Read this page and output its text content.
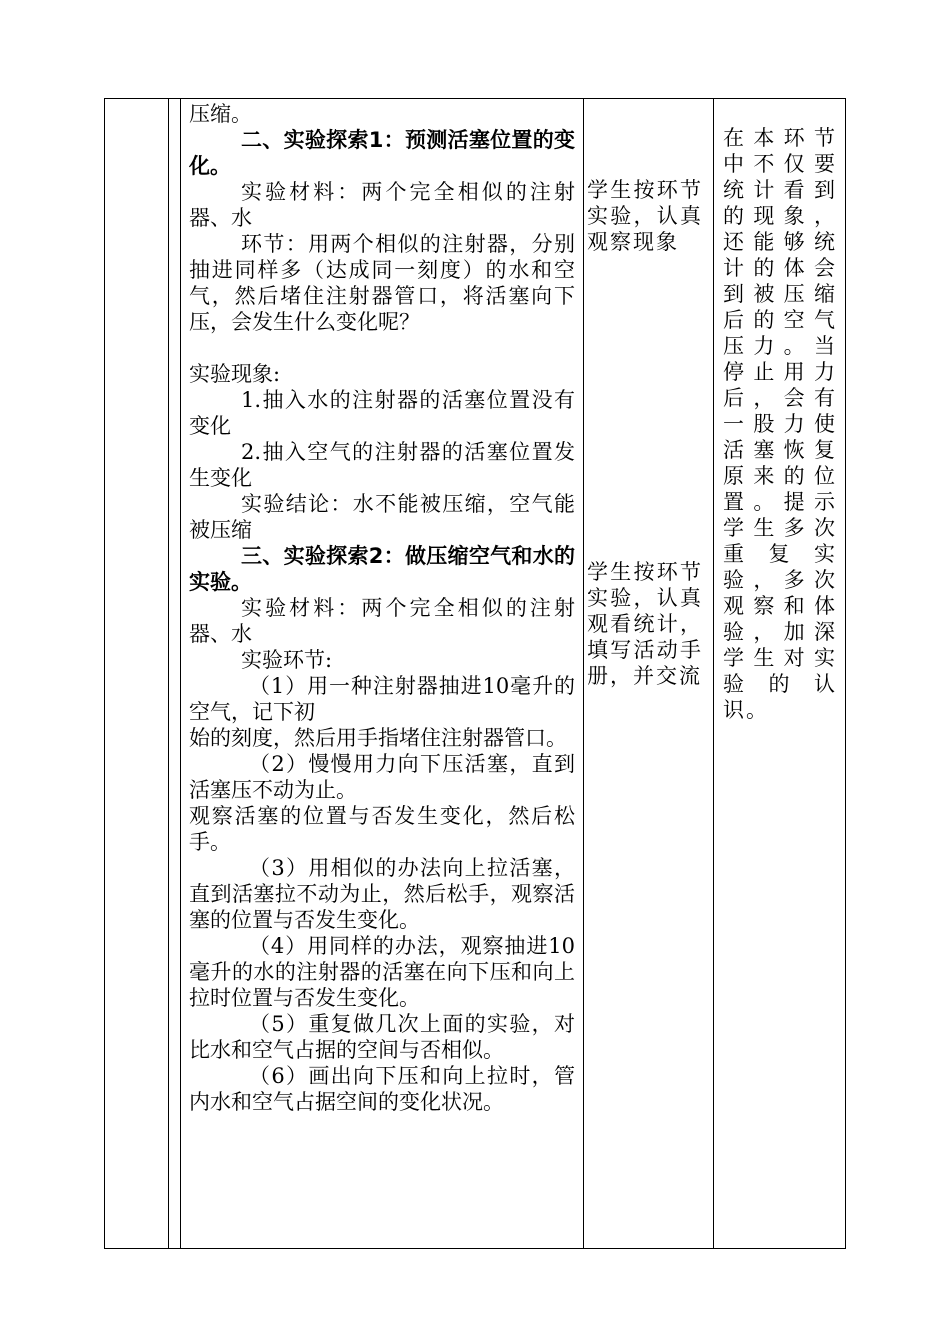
压缩。

二、实验探索1：预测活塞位置的变化。

实验材料：两个完全相似的注射器、水

环节：用两个相似的注射器，分别抽进同样多（达成同一刻度）的水和空气，然后堵住注射器管口，将活塞向下压，会发生什么变化呢？

实验现象:

1.抽入水的注射器的活塞位置没有变化

2.抽入空气的注射器的活塞位置发生变化

实验结论：水不能被压缩，空气能被压缩

三、实验探索2：做压缩空气和水的实验。

实验材料：两个完全相似的注射器、水

实验环节:

（1）用一种注射器抽进10毫升的空气，记下初

始的刻度，然后用手指堵住注射器管口。

（2）慢慢用力向下压活塞，直到活塞压不动为止。

观察活塞的位置与否发生变化，然后松手。

（3）用相似的办法向上拉活塞，直到活塞拉不动为止，然后松手，观察活塞的位置与否发生变化。

（4）用同样的办法，观察抽进10毫升的水的注射器的活塞在向下压和向上拉时位置与否发生变化。

（5）重复做几次上面的实验，对比水和空气占据的空间与否相似。

（6）画出向下压和向上拉时，管内水和空气占据空间的变化状况。

学生按环节实验，认真观察现象
学生按环节实验，认真观看统计，填写活动手册，并交流
在本环节中不仅要统计看到的现象，还能够统计的体会到被压缩后的空气压力。当停止用力后，会有一股力使活塞恢复原来的位置。提示学生多次重复实验，多次观察和体验，加深学生对实验的认识。
